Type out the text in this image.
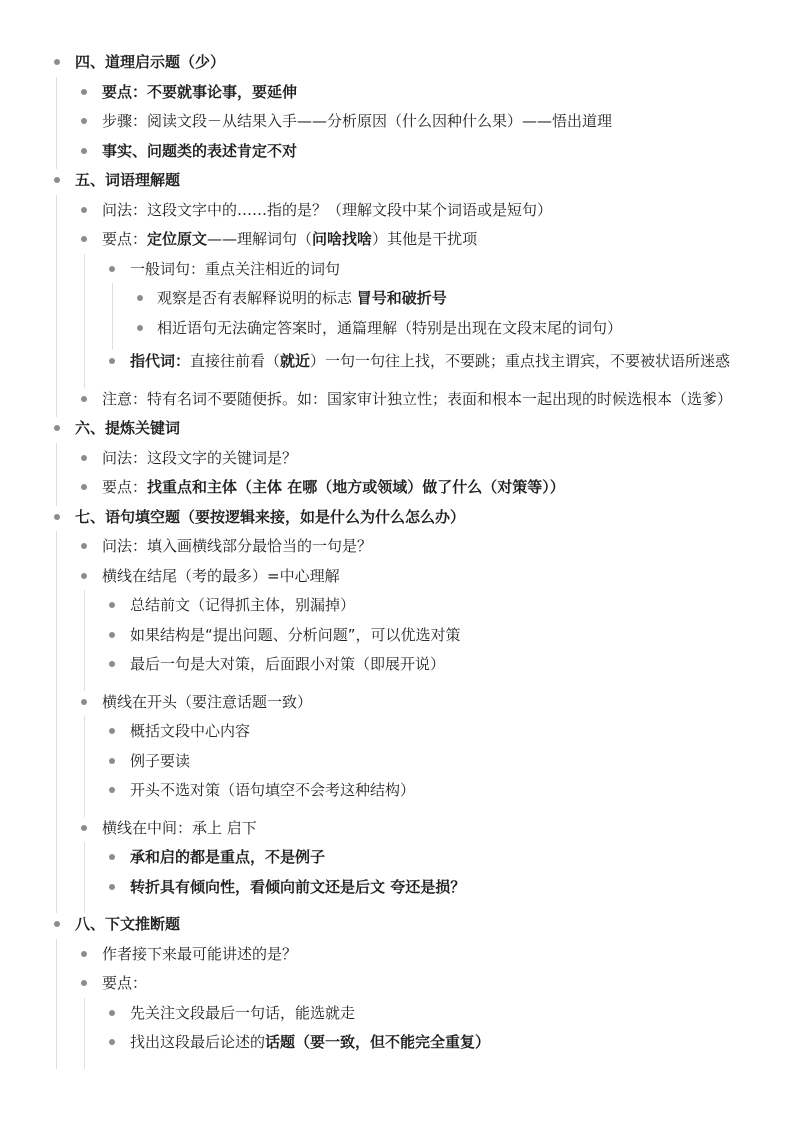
四、道理启示题（少）
要点：不要就事论事，要延伸
步骤：阅读文段－从结果入手——分析原因（什么因种什么果）——悟出道理
事实、问题类的表述肯定不对
五、词语理解题
问法：这段文字中的……指的是？（理解文段中某个词语或是短句）
要点：定位原文——理解词句（问啥找啥）其他是干扰项
一般词句：重点关注相近的词句
观察是否有表解释说明的标志 冒号和破折号
相近语句无法确定答案时，通篇理解（特别是出现在文段末尾的词句）
指代词：直接往前看（就近）一句一句往上找，不要跳；重点找主谓宾，不要被状语所迷惑
注意：特有名词不要随便拆。如：国家审计独立性；表面和根本一起出现的时候选根本（选爹）
六、提炼关键词
问法：这段文字的关键词是？
要点：找重点和主体（主体 在哪（地方或领域）做了什么（对策等））
七、语句填空题（要按逻辑来接，如是什么为什么怎么办）
问法：填入画横线部分最恰当的一句是？
横线在结尾（考的最多）=中心理解
总结前文（记得抓主体，别漏掉）
如果结构是“提出问题、分析问题”，可以优选对策
最后一句是大对策，后面跟小对策（即展开说）
横线在开头（要注意话题一致）
概括文段中心内容
例子要读
开头不选对策（语句填空不会考这种结构）
横线在中间：承上 启下
承和启的都是重点，不是例子
转折具有倾向性，看倾向前文还是后文 夸还是损？
八、下文推断题
作者接下来最可能讲述的是？
要点：
先关注文段最后一句话，能选就走
找出这段最后论述的话题（要一致，但不能完全重复）
